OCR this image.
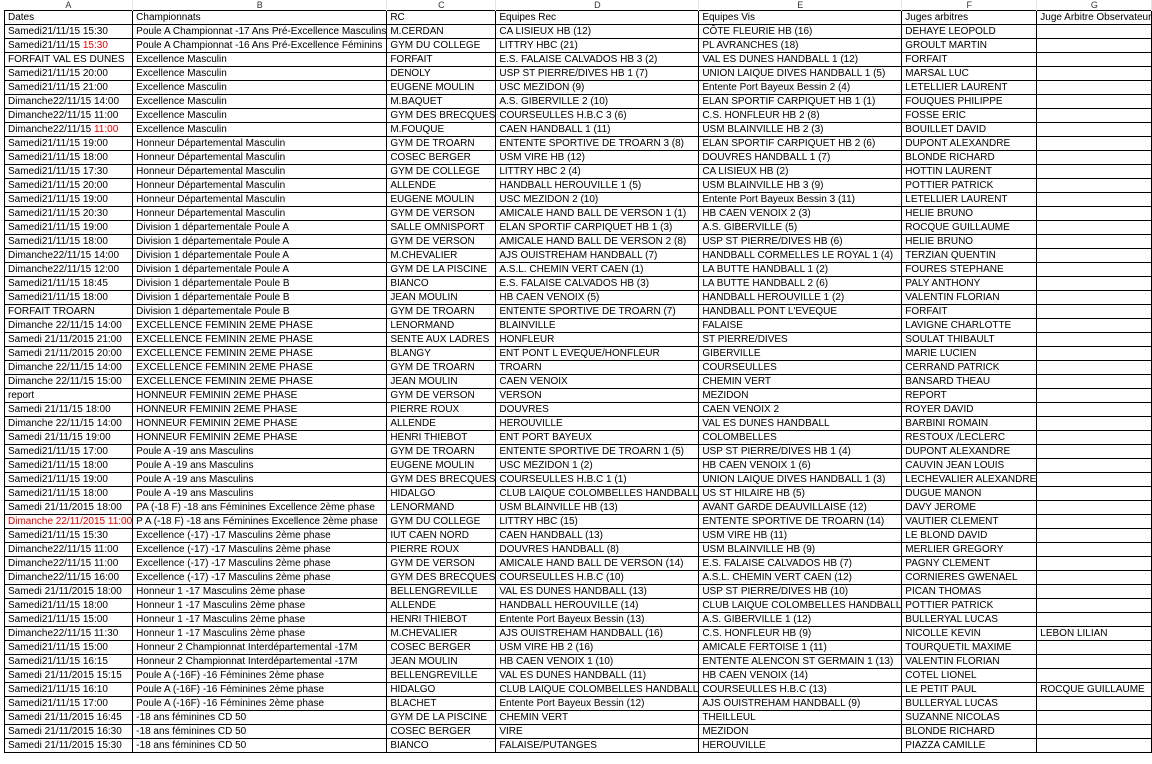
A	B	C	D	E	F	G
Dates	Championnats	RC	Equipes Rec	Equipes Vis	Juges arbitres	Juge Arbitre Observateur
Samedi21/11/15 15:30	Poule A Championnat -17 Ans Pré-Excellence Masculins	M.CERDAN	CA LISIEUX HB (12)	CÔTE FLEURIE HB (16)	DEHAYE LEOPOLD	
Samedi21/11/15 15:30	Poule A Championnat -16 Ans Pré-Excellence Féminins	GYM DU COLLEGE	LITTRY HBC (21)	PL AVRANCHES (18)	GROULT MARTIN	
FORFAIT VAL ES DUNES	Excellence Masculin	FORFAIT	E.S. FALAISE CALVADOS HB 3 (2)	VAL ES DUNES HANDBALL 1 (12)	FORFAIT	
Samedi21/11/15 20:00	Excellence Masculin	DENOLY	USP ST PIERRE/DIVES HB 1 (7)	UNION LAIQUE DIVES HANDBALL 1 (5)	MARSAL LUC	
Samedi21/11/15 21:00	Excellence Masculin	EUGENE MOULIN	USC MEZIDON (9)	Entente Port Bayeux Bessin 2 (4)	LETELLIER LAURENT	
Dimanche22/11/15 14:00	Excellence Masculin	M.BAQUET	A.S. GIBERVILLE 2 (10)	ELAN SPORTIF CARPIQUET HB 1 (1)	FOUQUES PHILIPPE	
Dimanche22/11/15 11:00	Excellence Masculin	GYM DES BRECQUES	COURSEULLES H.B.C 3 (6)	C.S. HONFLEUR HB 2 (8)	FOSSE ERIC	
Dimanche22/11/15 11:00	Excellence Masculin	M.FOUQUE	CAEN HANDBALL 1 (11)	USM BLAINVILLE HB 2 (3)	BOUILLET DAVID	
Samedi21/11/15 19:00	Honneur Départemental Masculin	GYM DE TROARN	ENTENTE SPORTIVE DE TROARN 3 (8)	ELAN SPORTIF CARPIQUET HB 2 (6)	DUPONT ALEXANDRE	
Samedi21/11/15 18:00	Honneur Départemental Masculin	COSEC BERGER	USM VIRE HB (12)	DOUVRES HANDBALL 1 (7)	BLONDE RICHARD	
Samedi21/11/15 17:30	Honneur Départemental Masculin	GYM DE COLLEGE	LITTRY HBC 2 (4)	CA LISIEUX HB (2)	HOTTIN LAURENT	
Samedi21/11/15 20:00	Honneur Départemental Masculin	ALLENDE	HANDBALL HEROUVILLE 1 (5)	USM BLAINVILLE HB 3 (9)	POTTIER PATRICK	
Samedi21/11/15 19:00	Honneur Départemental Masculin	EUGENE MOULIN	USC MEZIDON 2 (10)	Entente Port Bayeux Bessin 3 (11)	LETELLIER LAURENT	
Samedi21/11/15 20:30	Honneur Départemental Masculin	GYM DE VERSON	AMICALE HAND BALL DE VERSON 1 (1)	HB CAEN VENOIX 2 (3)	HELIE BRUNO	
Samedi21/11/15 19:00	Division 1 départementale Poule A	SALLE OMNISPORT	ELAN SPORTIF CARPIQUET HB 1 (3)	A.S. GIBERVILLE (5)	ROCQUE GUILLAUME	
Samedi21/11/15 18:00	Division 1 départementale Poule A	GYM DE VERSON	AMICALE HAND BALL DE VERSON 2 (8)	USP ST PIERRE/DIVES HB (6)	HELIE BRUNO	
Dimanche22/11/15 14:00	Division 1 départementale Poule A	M.CHEVALIER	AJS OUISTREHAM HANDBALL (7)	HANDBALL CORMELLES LE ROYAL 1 (4)	TERZIAN QUENTIN	
Dimanche22/11/15 12:00	Division 1 départementale Poule A	GYM DE LA PISCINE	A.S.L. CHEMIN VERT CAEN (1)	LA BUTTE HANDBALL 1 (2)	FOURES STEPHANE	
Samedi21/11/15 18:45	Division 1 départementale Poule B	BIANCO	E.S. FALAISE CALVADOS HB (3)	LA BUTTE HANDBALL 2 (6)	PALY ANTHONY	
Samedi21/11/15 18:00	Division 1 départementale Poule B	JEAN MOULIN	HB CAEN VENOIX (5)	HANDBALL HEROUVILLE 1 (2)	VALENTIN FLORIAN	
FORFAIT TROARN	Division 1 départementale Poule B	GYM DE TROARN	ENTENTE SPORTIVE DE TROARN (7)	HANDBALL PONT L'EVEQUE	FORFAIT	
Dimanche 22/11/15 14:00	EXCELLENCE FEMININ 2EME PHASE	LENORMAND	BLAINVILLE	FALAISE	LAVIGNE CHARLOTTE	
Samedi 21/11/2015 21:00	EXCELLENCE FEMININ 2EME PHASE	SENTE AUX LADRES	HONFLEUR	ST PIERRE/DIVES	SOULAT THIBAULT	
Samedi 21/11/2015 20:00	EXCELLENCE FEMININ 2EME PHASE	BLANGY	ENT PONT L EVEQUE/HONFLEUR	GIBERVILLE	MARIE LUCIEN	
Dimanche 22/11/15 14:00	EXCELLENCE FEMININ 2EME PHASE	GYM DE TROARN	TROARN	COURSEULLES	CERRAND PATRICK	
Dimanche 22/11/15 15:00	EXCELLENCE FEMININ 2EME PHASE	JEAN MOULIN	CAEN VENOIX	CHEMIN VERT	BANSARD THEAU	
report	HONNEUR FEMININ 2EME PHASE	GYM DE VERSON	VERSON	MEZIDON	REPORT	
Samedi 21/11/15 18:00	HONNEUR FEMININ 2EME PHASE	PIERRE ROUX	DOUVRES	CAEN VENOIX 2	ROYER DAVID	
Dimanche 22/11/15 14:00	HONNEUR FEMININ 2EME PHASE	ALLENDE	HEROUVILLE	VAL ES DUNES HANDBALL	BARBINI ROMAIN	
Samedi 21/11/15 19:00	HONNEUR FEMININ 2EME PHASE	HENRI THIEBOT	ENT PORT BAYEUX	COLOMBELLES	RESTOUX /LECLERC	
Samedi21/11/15 17:00	Poule A -19 ans Masculins	GYM DE TROARN	ENTENTE SPORTIVE DE TROARN 1 (5)	USP ST PIERRE/DIVES HB 1 (4)	DUPONT ALEXANDRE	
Samedi21/11/15 18:00	Poule A -19 ans Masculins	EUGENE MOULIN	USC MEZIDON 1 (2)	HB CAEN VENOIX 1 (6)	CAUVIN JEAN LOUIS	
Samedi21/11/15 19:00	Poule A -19 ans Masculins	GYM DES BRECQUES	COURSEULLES H.B.C 1 (1)	UNION LAIQUE DIVES HANDBALL 1 (3)	LECHEVALIER ALEXANDRE	
Samedi21/11/15 18:00	Poule A -19 ans Masculins	HIDALGO	CLUB LAIQUE COLOMBELLES HANDBALL	US ST HILAIRE HB (5)	DUGUE MANON	
Samedi 21/11/2015 18:00	PA (-18 F) -18 ans Féminines Excellence 2ème phase	LENORMAND	USM BLAINVILLE HB (13)	AVANT GARDE DEAUVILLAISE (12)	DAVY JEROME	
Dimanche 22/11/2015 11:00	P A (-18 F) -18 ans Féminines Excellence 2ème phase	GYM DU COLLEGE	LITTRY HBC (15)	ENTENTE SPORTIVE DE TROARN (14)	VAUTIER CLEMENT	
Samedi21/11/15 15:30	Excellence (-17) -17 Masculins 2ème phase	IUT CAEN NORD	CAEN HANDBALL (13)	USM VIRE HB (11)	LE BLOND DAVID	
Dimanche22/11/15 11:00	Excellence (-17) -17 Masculins 2ème phase	PIERRE ROUX	DOUVRES HANDBALL (8)	USM BLAINVILLE HB (9)	MERLIER GREGORY	
Dimanche22/11/15 11:00	Excellence (-17) -17 Masculins 2ème phase	GYM DE VERSON	AMICALE HAND BALL DE VERSON (14)	E.S. FALAISE CALVADOS HB (7)	PAGNY CLEMENT	
Dimanche22/11/15 16:00	Excellence (-17) -17 Masculins 2ème phase	GYM DES BRECQUES	COURSEULLES H.B.C (10)	A.S.L. CHEMIN VERT CAEN (12)	CORNIERES GWENAEL	
Samedi 21/11/2015 18:00	Honneur 1 -17 Masculins 2ème phase	BELLENGREVILLE	VAL ES DUNES HANDBALL (13)	USP ST PIERRE/DIVES HB (10)	PICAN THOMAS	
Samedi21/11/15 18:00	Honneur 1 -17 Masculins 2ème phase	ALLENDE	HANDBALL HEROUVILLE (14)	CLUB LAIQUE COLOMBELLES HANDBALL	POTTIER PATRICK	
Samedi21/11/15 15:00	Honneur 1 -17 Masculins 2ème phase	HENRI THIEBOT	Entente Port Bayeux Bessin (13)	A.S. GIBERVILLE 1 (12)	BULLERYAL LUCAS	
Dimanche22/11/15 11:30	Honneur 1 -17 Masculins 2ème phase	M.CHEVALIER	AJS OUISTREHAM HANDBALL (16)	C.S. HONFLEUR HB (9)	NICOLLE KEVIN	LEBON LILIAN
Samedi21/11/15 15:00	Honneur 2 Championnat Interdépartemental -17M	COSEC BERGER	USM VIRE HB 2 (16)	AMICALE FERTOISE 1 (11)	TOURQUETIL MAXIME	
Samedi21/11/15 16:15	Honneur 2 Championnat Interdépartemental -17M	JEAN MOULIN	HB CAEN VENOIX 1 (10)	ENTENTE ALENCON ST GERMAIN 1 (13)	VALENTIN FLORIAN	
Samedi 21/11/2015 15:15	Poule A (-16F) -16 Féminines 2ème phase	BELLENGREVILLE	VAL ES DUNES HANDBALL (11)	HB CAEN VENOIX (14)	COTEL LIONEL	
Samedi21/11/15 16:10	Poule A (-16F) -16 Féminines 2ème phase	HIDALGO	CLUB LAIQUE COLOMBELLES HANDBALL	COURSEULLES H.B.C (13)	LE PETIT PAUL	ROCQUE GUILLAUME
Samedi21/11/15 17:00	Poule A (-16F) -16 Féminines 2ème phase	BLACHET	Entente Port Bayeux Bessin (12)	AJS OUISTREHAM HANDBALL (9)	BULLERYAL LUCAS	
Samedi 21/11/2015 16:45	-18 ans féminines CD 50	GYM DE LA PISCINE	CHEMIN VERT	THEILLEUL	SUZANNE NICOLAS	
Samedi 21/11/2015 16:30	-18 ans féminines CD 50	COSEC BERGER	VIRE	MEZIDON	BLONDE RICHARD	
Samedi 21/11/2015 15:30	-18 ans féminines CD 50	BIANCO	FALAISE/PUTANGES	HEROUVILLE	PIAZZA CAMILLE	
